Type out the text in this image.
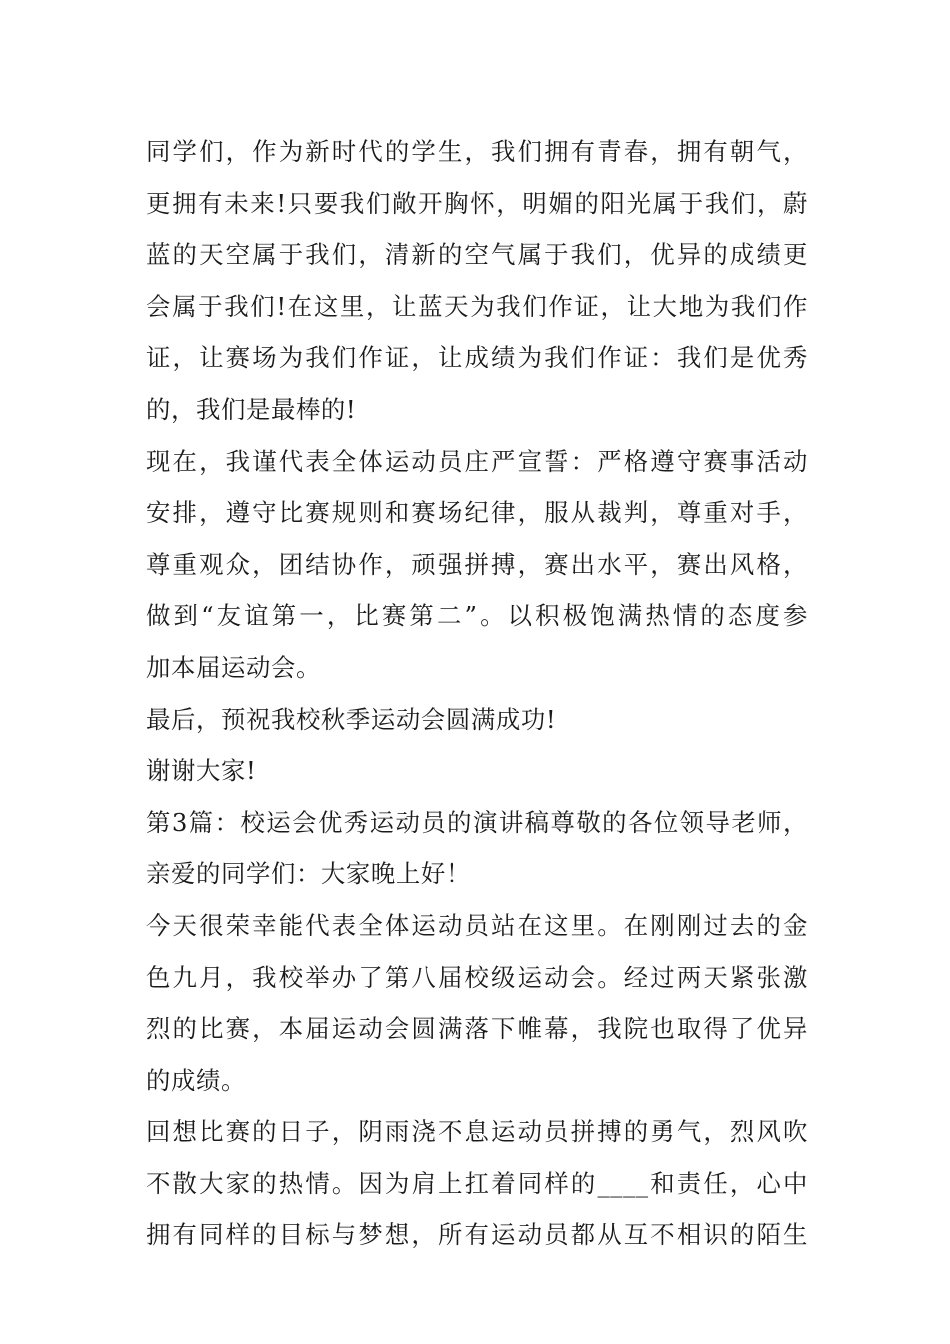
同学们，作为新时代的学生，我们拥有青春，拥有朝气，
更拥有未来!只要我们敞开胸怀，明媚的阳光属于我们，蔚
蓝的天空属于我们，清新的空气属于我们，优异的成绩更
会属于我们!在这里，让蓝天为我们作证，让大地为我们作
证，让赛场为我们作证，让成绩为我们作证：我们是优秀
的，我们是最棒的!
现在，我谨代表全体运动员庄严宣誓：严格遵守赛事活动
安排，遵守比赛规则和赛场纪律，服从裁判，尊重对手，
尊重观众，团结协作，顽强拼搏，赛出水平，赛出风格，
做到“友谊第一，比赛第二”。以积极饱满热情的态度参
加本届运动会。
最后，预祝我校秋季运动会圆满成功!
谢谢大家!
第3篇：校运会优秀运动员的演讲稿尊敬的各位领导老师，
亲爱的同学们：大家晚上好！
今天很荣幸能代表全体运动员站在这里。在刚刚过去的金
色九月，我校举办了第八届校级运动会。经过两天紧张激
烈的比赛，本届运动会圆满落下帷幕，我院也取得了优异
的成绩。
回想比赛的日子，阴雨浇不息运动员拼搏的勇气，烈风吹
不散大家的热情。因为肩上扛着同样的____和责任，心中
拥有同样的目标与梦想，所有运动员都从互不相识的陌生
